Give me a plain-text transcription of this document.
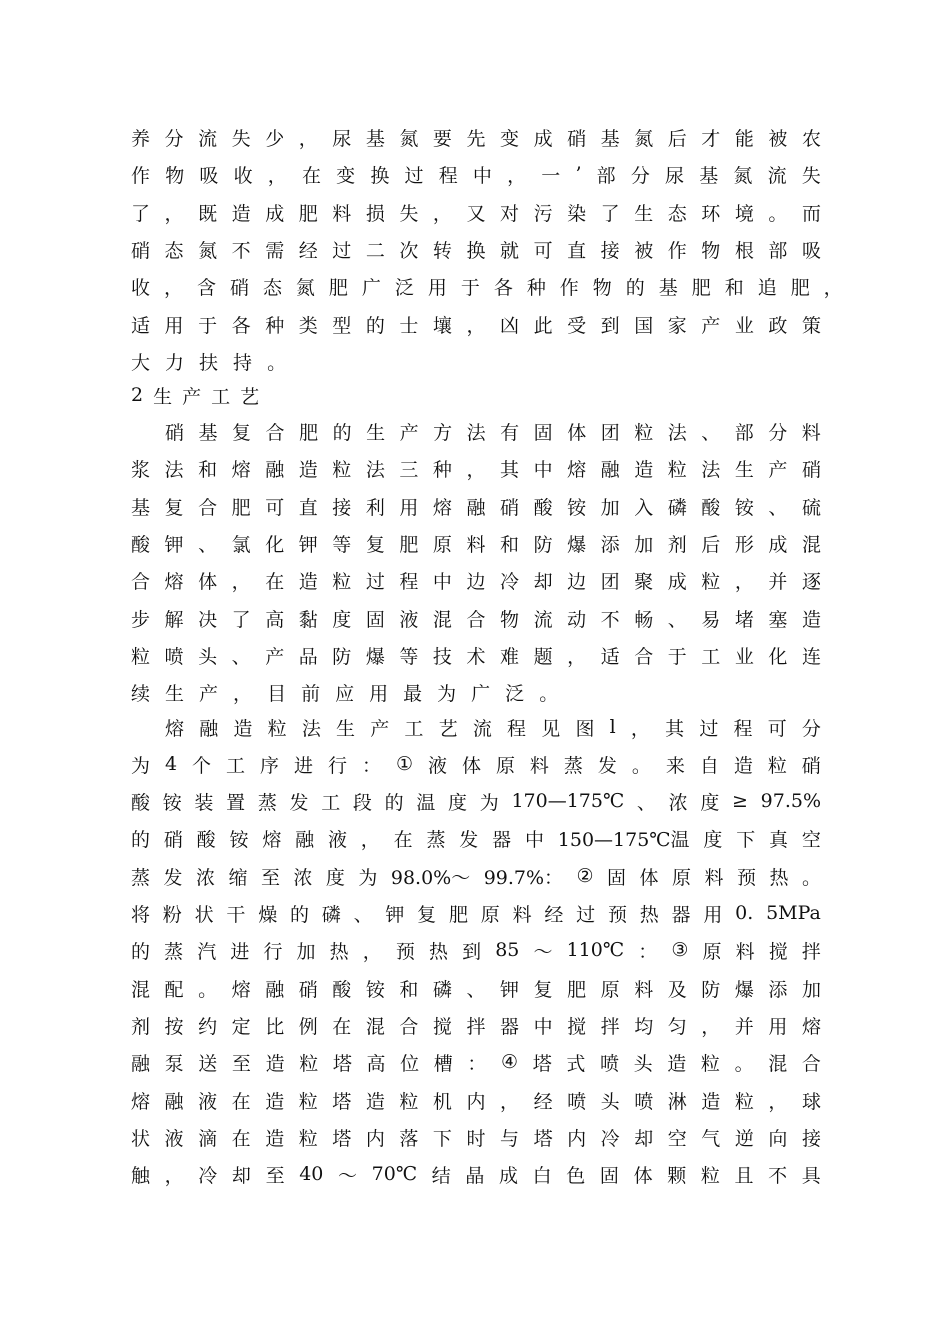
养 分 流 失 少 ， 尿 基 氮 要 先 变 成 硝 基 氮 后 才 能 被 农
作 物 吸 收 ， 在 变 换 过 程 中 ， 一 ’ 部 分 尿 基 氮 流 失
了 ， 既 造 成 肥 料 损 失 ， 又 对 污 染 了 生 态 环 境 。 而
硝 态 氮 不 需 经 过 二 次 转 换 就 可 直 接 被 作 物 根 部 吸
收 ， 含 硝 态 氮 肥 广 泛 用 于 各 种 作 物 的 基 肥 和 追 肥 ，
适 用 于 各 种 类 型 的 士 壤 ， 凶 此 受 到 国 家 产 业 政 策
大 力 扶 持 。
2 生 产 工 艺
硝 基 复 合 肥 的 生 产 方 法 有 固 体 团 粒 法 、 部 分 料
浆 法 和 熔 融 造 粒 法 三 种 ， 其 中 熔 融 造 粒 法 生 产 硝
基 复 合 肥 可 直 接 利 用 熔 融 硝 酸 铵 加 入 磷 酸 铵 、 硫
酸 钾 、 氯 化 钾 等 复 肥 原 料 和 防 爆 添 加 剂 后 形 成 混
合 熔 体 ， 在 造 粒 过 程 中 边 冷 却 边 团 聚 成 粒 ， 并 逐
步 解 决 了 高 黏 度 固 液 混 合 物 流 动 不 畅 、 易 堵 塞 造
粒 喷 头 、 产 品 防 爆 等 技 术 难 题 ， 适 合 于 工 业 化 连
续 生 产 ， 目 前 应 用 最 为 广 泛 。
熔 融 造 粒 法 生 产 工 艺 流 程 见 图 l ， 其 过 程 可 分
为 4 个 工 序 进 行 ： ① 液 体 原 料 蒸 发 。 来 自 造 粒 硝
酸 铵 装 置 蒸 发 工 段 的 温 度 为 170—175℃ 、 浓 度 ≥ 97.5%
的 硝 酸 铵 熔 融 液 ， 在 蒸 发 器 中 150—175℃温 度 下 真 空
蒸 发 浓 缩 至 浓 度 为 98.0%～ 99.7%： ② 固 体 原 料 预 热 。
将 粉 状 干 燥 的 磷 、 钾 复 肥 原 料 经 过 预 热 器 用 0. 5MPa
的 蒸 汽 进 行 加 热 ， 预 热 到 85 ～ 110℃ ： ③ 原 料 搅 拌
混 配 。 熔 融 硝 酸 铵 和 磷 、 钾 复 肥 原 料 及 防 爆 添 加
剂 按 约 定 比 例 在 混 合 搅 拌 器 中 搅 拌 均 匀 ， 并 用 熔
融 泵 送 至 造 粒 塔 高 位 槽 ： ④ 塔 式 喷 头 造 粒 。 混 合
熔 融 液 在 造 粒 塔 造 粒 机 内 ， 经 喷 头 喷 淋 造 粒 ， 球
状 液 滴 在 造 粒 塔 内 落 下 时 与 塔 内 冷 却 空 气 逆 向 接
触 ， 冷 却 至 40 ～ 70℃ 结 晶 成 白 色 固 体 颗 粒 且 不 具
